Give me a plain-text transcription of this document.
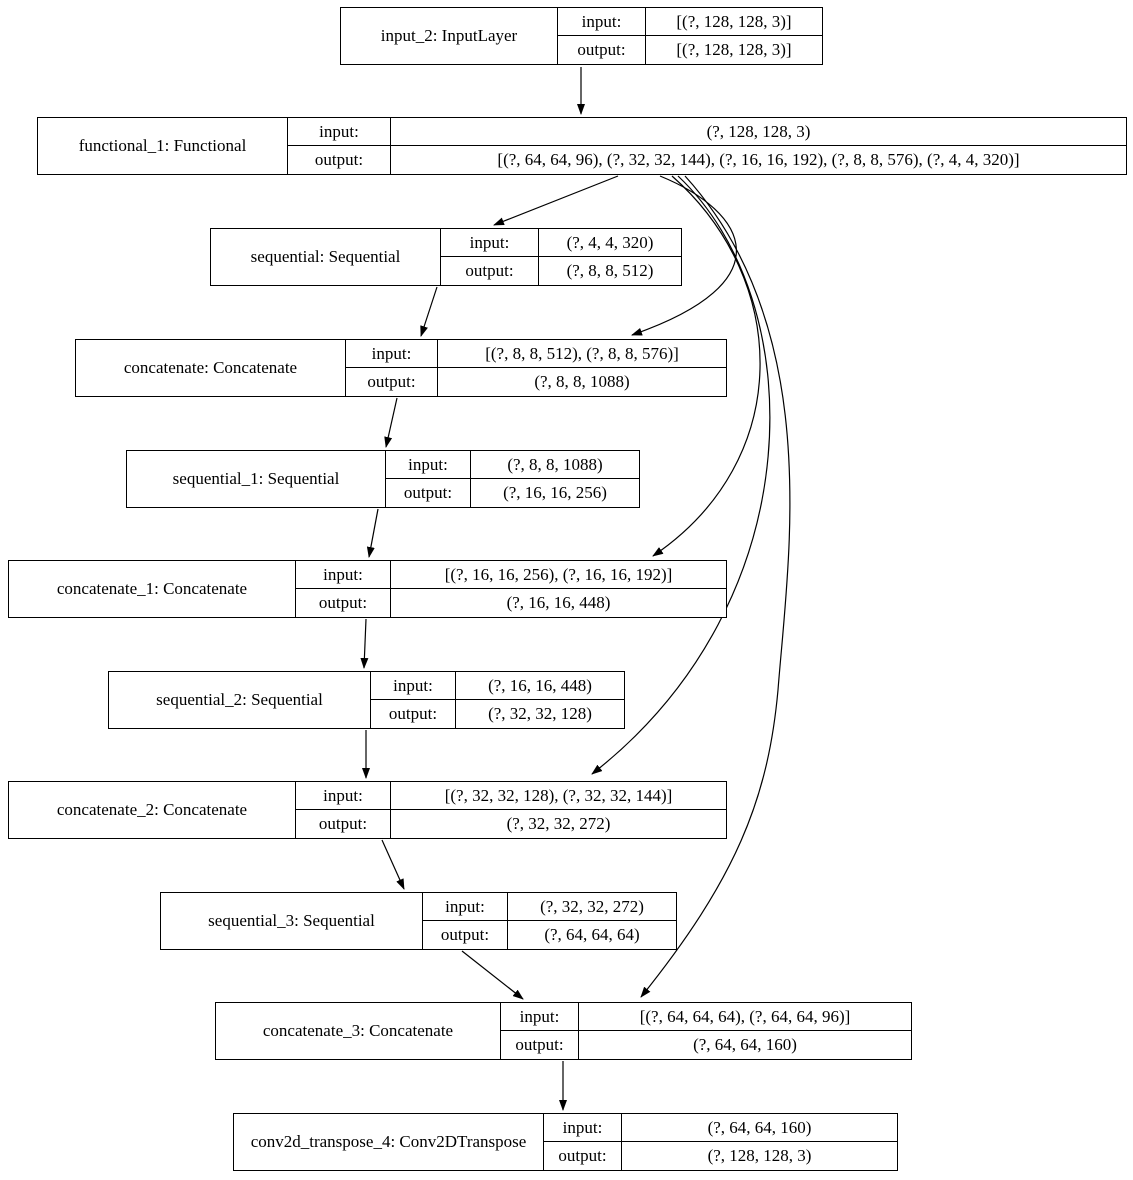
input_2: InputLayer
input:	[(?, 128, 128, 3)]
output:	[(?, 128, 128, 3)]
functional_1: Functional
input:	(?, 128, 128, 3)
output:	[(?, 64, 64, 96), (?, 32, 32, 144), (?, 16, 16, 192), (?, 8, 8, 576), (?, 4, 4, 320)]
sequential: Sequential
input:	(?, 4, 4, 320)
output:	(?, 8, 8, 512)
concatenate: Concatenate
input:	[(?, 8, 8, 512), (?, 8, 8, 576)]
output:	(?, 8, 8, 1088)
sequential_1: Sequential
input:	(?, 8, 8, 1088)
output:	(?, 16, 16, 256)
concatenate_1: Concatenate
input:	[(?, 16, 16, 256), (?, 16, 16, 192)]
output:	(?, 16, 16, 448)
sequential_2: Sequential
input:	(?, 16, 16, 448)
output:	(?, 32, 32, 128)
concatenate_2: Concatenate
input:	[(?, 32, 32, 128), (?, 32, 32, 144)]
output:	(?, 32, 32, 272)
sequential_3: Sequential
input:	(?, 32, 32, 272)
output:	(?, 64, 64, 64)
concatenate_3: Concatenate
input:	[(?, 64, 64, 64), (?, 64, 64, 96)]
output:	(?, 64, 64, 160)
conv2d_transpose_4: Conv2DTranspose
input:	(?, 64, 64, 160)
output:	(?, 128, 128, 3)
